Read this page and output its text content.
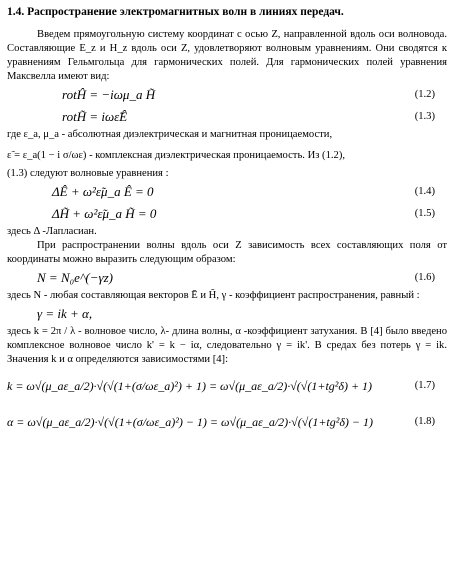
1.4. Распространение электромагнитных волн в линиях передач.

Введем прямоугольную систему координат с осью Z, направленной вдоль оси волновода. Составляющие E_z и H_z вдоль оси Z, удовлетворяют волновым уравнениям. Они сводятся к уравнениям Гельмгольца для гармонических полей. Для гармонических полей уравнения Максвелла имеют вид:

rotĤ = −iωμ_a H̃	(1.2)
rotH̃ = iωε̃Ê	(1.3)

где ε_a, μ_a - абсолютная диэлектрическая и магнитная проницаемости,

ε̃ = ε_a(1 − i σ/ωε) - комплексная диэлектрическая проницаемость. Из (1.2),

(1.3) следуют волновые уравнения :

ΔÊ + ω²ε̃μ_a Ê = 0	(1.4)
ΔH̃ + ω²ε̃μ_a H̃ = 0	(1.5)

здесь Δ -Лапласиан.

При распространении волны вдоль оси Z зависимость всех составляющих поля от координаты можно выразить следующим образом:

N = N₀e^(−γz)	(1.6)

здесь N - любая составляющая векторов Ē и H̃, γ - коэффициент распространения, равный :

γ = ik + α,

здесь k = 2π / λ - волновое число, λ- длина волны, α -коэффициент затухания. В [4] было введено комплексное волновое число k' = k − iα, следовательно γ = ik'. В средах без потерь γ = ik. Значения k и α определяются зависимостями [4]:

k = ω√(μ_aε_a/2)·√(√(1+(σ/ωε_a)²) + 1) = ω√(μ_aε_a/2)·√(√(1+tg²δ) + 1)	(1.7)
α = ω√(μ_aε_a/2)·√(√(1+(σ/ωε_a)²) − 1) = ω√(μ_aε_a/2)·√(√(1+tg²δ) − 1)	(1.8)
